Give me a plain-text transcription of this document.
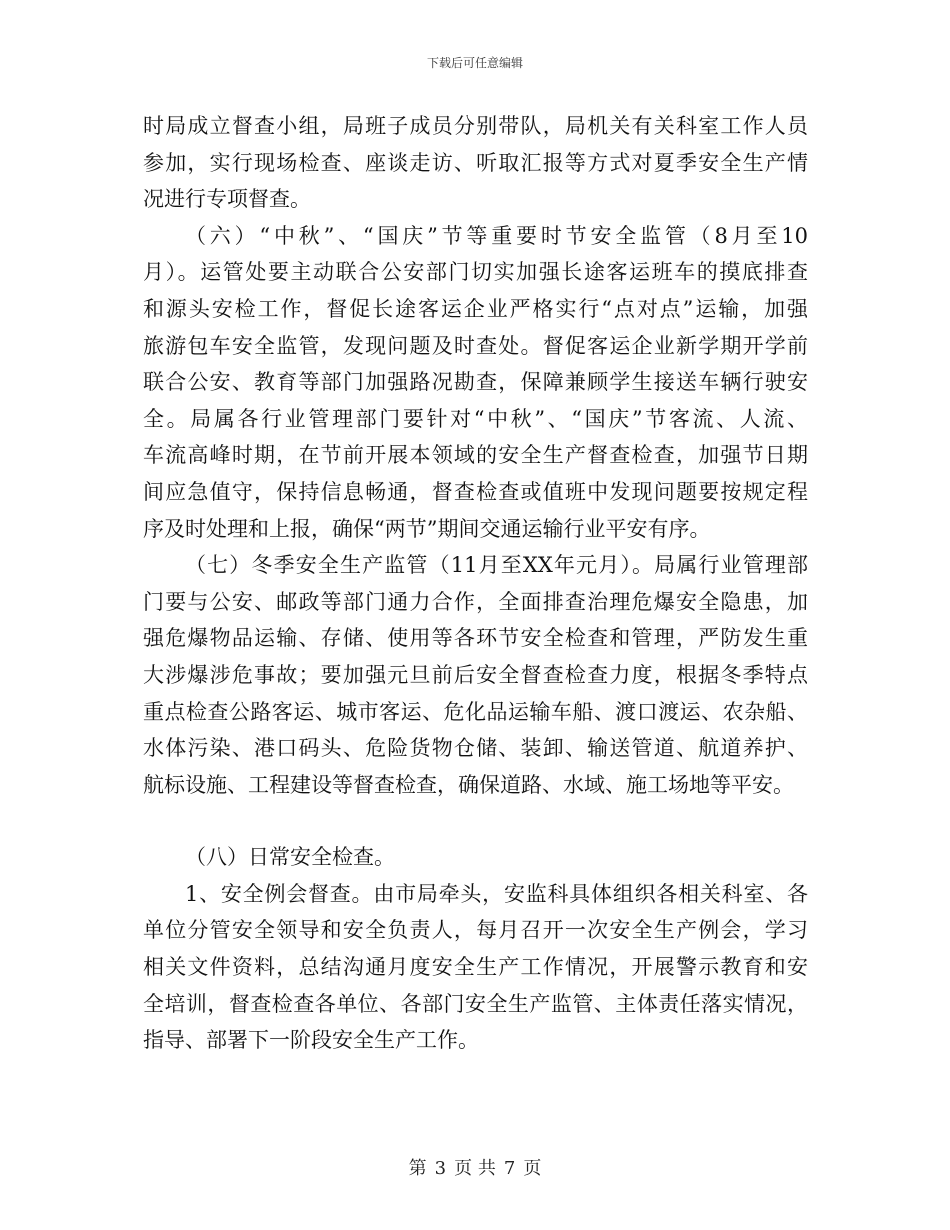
下载后可任意编辑
时局成立督查小组，局班子成员分别带队，局机关有关科室工作人员
参加，实行现场检查、座谈走访、听取汇报等方式对夏季安全生产情
况进行专项督查。
（六）“中秋”、“国庆”节等重要时节安全监管（8月至10
月）。运管处要主动联合公安部门切实加强长途客运班车的摸底排查
和源头安检工作，督促长途客运企业严格实行“点对点”运输，加强
旅游包车安全监管，发现问题及时查处。督促客运企业新学期开学前
联合公安、教育等部门加强路况勘查，保障兼顾学生接送车辆行驶安
全。局属各行业管理部门要针对“中秋”、“国庆”节客流、人流、
车流高峰时期，在节前开展本领域的安全生产督查检查，加强节日期
间应急值守，保持信息畅通，督查检查或值班中发现问题要按规定程
序及时处理和上报，确保“两节”期间交通运输行业平安有序。
（七）冬季安全生产监管（11月至XX年元月）。局属行业管理部
门要与公安、邮政等部门通力合作，全面排查治理危爆安全隐患，加
强危爆物品运输、存储、使用等各环节安全检查和管理，严防发生重
大涉爆涉危事故；要加强元旦前后安全督查检查力度，根据冬季特点
重点检查公路客运、城市客运、危化品运输车船、渡口渡运、农杂船、
水体污染、港口码头、危险货物仓储、装卸、输送管道、航道养护、
航标设施、工程建设等督查检查，确保道路、水域、施工场地等平安。
（八）日常安全检查。
1、安全例会督查。由市局牵头，安监科具体组织各相关科室、各
单位分管安全领导和安全负责人，每月召开一次安全生产例会，学习
相关文件资料，总结沟通月度安全生产工作情况，开展警示教育和安
全培训，督查检查各单位、各部门安全生产监管、主体责任落实情况，
指导、部署下一阶段安全生产工作。
第 3 页 共 7 页
